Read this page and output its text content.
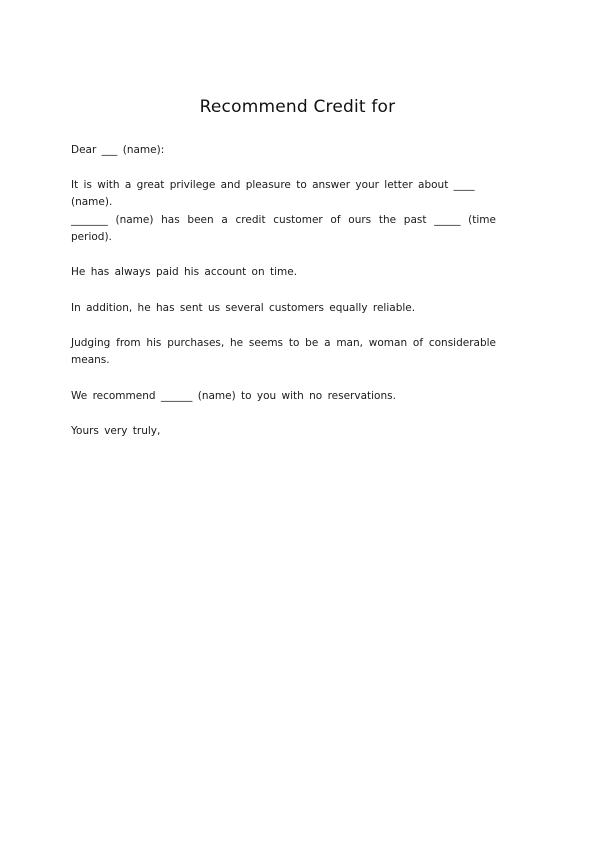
Recommend Credit for

Dear ___ (name):

It is with a great privilege and pleasure to answer your letter about ____ (name).

_______ (name) has been a credit customer of ours the past _____ (time period).

He has always paid his account on time.

In addition, he has sent us several customers equally reliable.

Judging from his purchases, he seems to be a man, woman of considerable means.

We recommend ______ (name) to you with no reservations.

Yours very truly,
